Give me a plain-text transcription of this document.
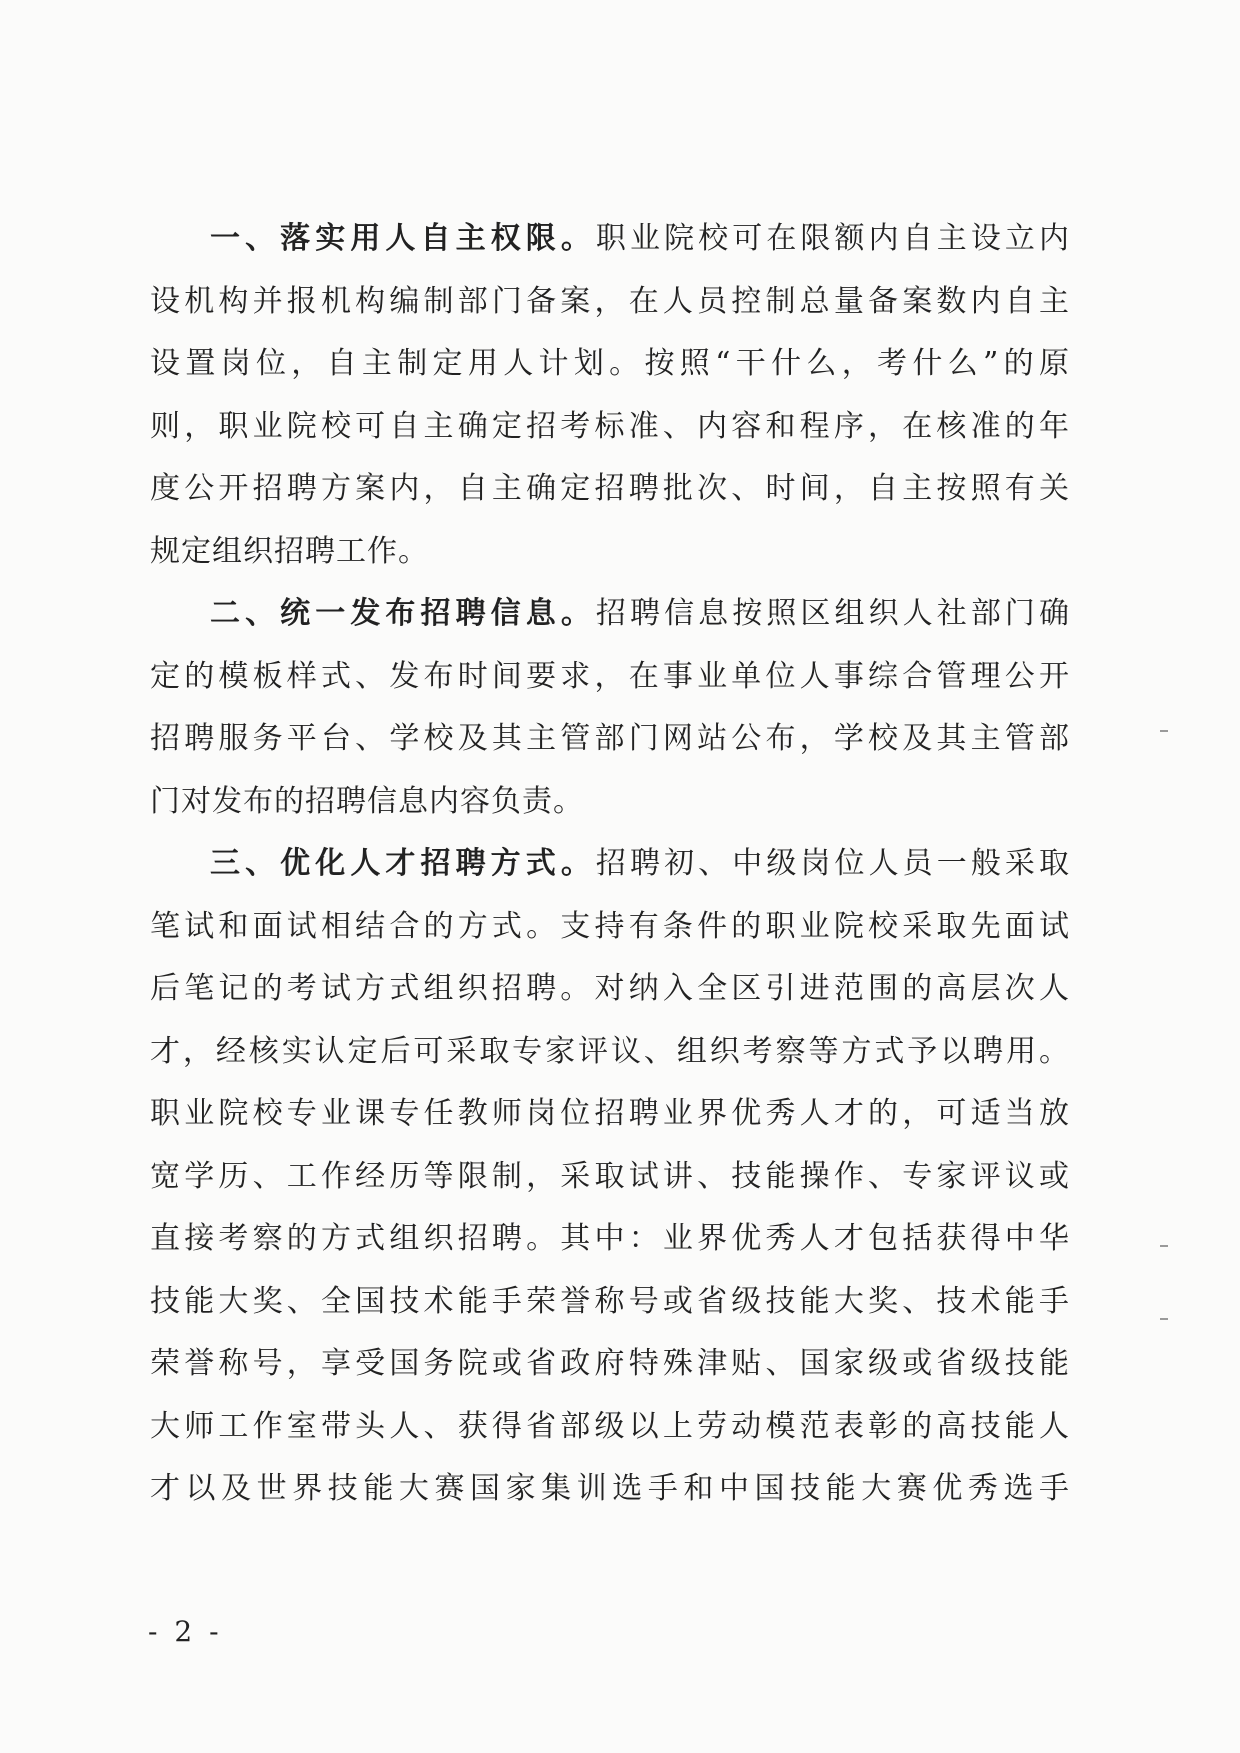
一、落实用人自主权限。职业院校可在限额内自主设立内
设机构并报机构编制部门备案，在人员控制总量备案数内自主
设置岗位，自主制定用人计划。按照“干什么，考什么”的原
则，职业院校可自主确定招考标准、内容和程序，在核准的年
度公开招聘方案内，自主确定招聘批次、时间，自主按照有关
规定组织招聘工作。
二、统一发布招聘信息。招聘信息按照区组织人社部门确
定的模板样式、发布时间要求，在事业单位人事综合管理公开
招聘服务平台、学校及其主管部门网站公布，学校及其主管部
门对发布的招聘信息内容负责。
三、优化人才招聘方式。招聘初、中级岗位人员一般采取
笔试和面试相结合的方式。支持有条件的职业院校采取先面试
后笔记的考试方式组织招聘。对纳入全区引进范围的高层次人
才，经核实认定后可采取专家评议、组织考察等方式予以聘用。
职业院校专业课专任教师岗位招聘业界优秀人才的，可适当放
宽学历、工作经历等限制，采取试讲、技能操作、专家评议或
直接考察的方式组织招聘。其中：业界优秀人才包括获得中华
技能大奖、全国技术能手荣誉称号或省级技能大奖、技术能手
荣誉称号，享受国务院或省政府特殊津贴、国家级或省级技能
大师工作室带头人、获得省部级以上劳动模范表彰的高技能人
才以及世界技能大赛国家集训选手和中国技能大赛优秀选手
- 2 -
